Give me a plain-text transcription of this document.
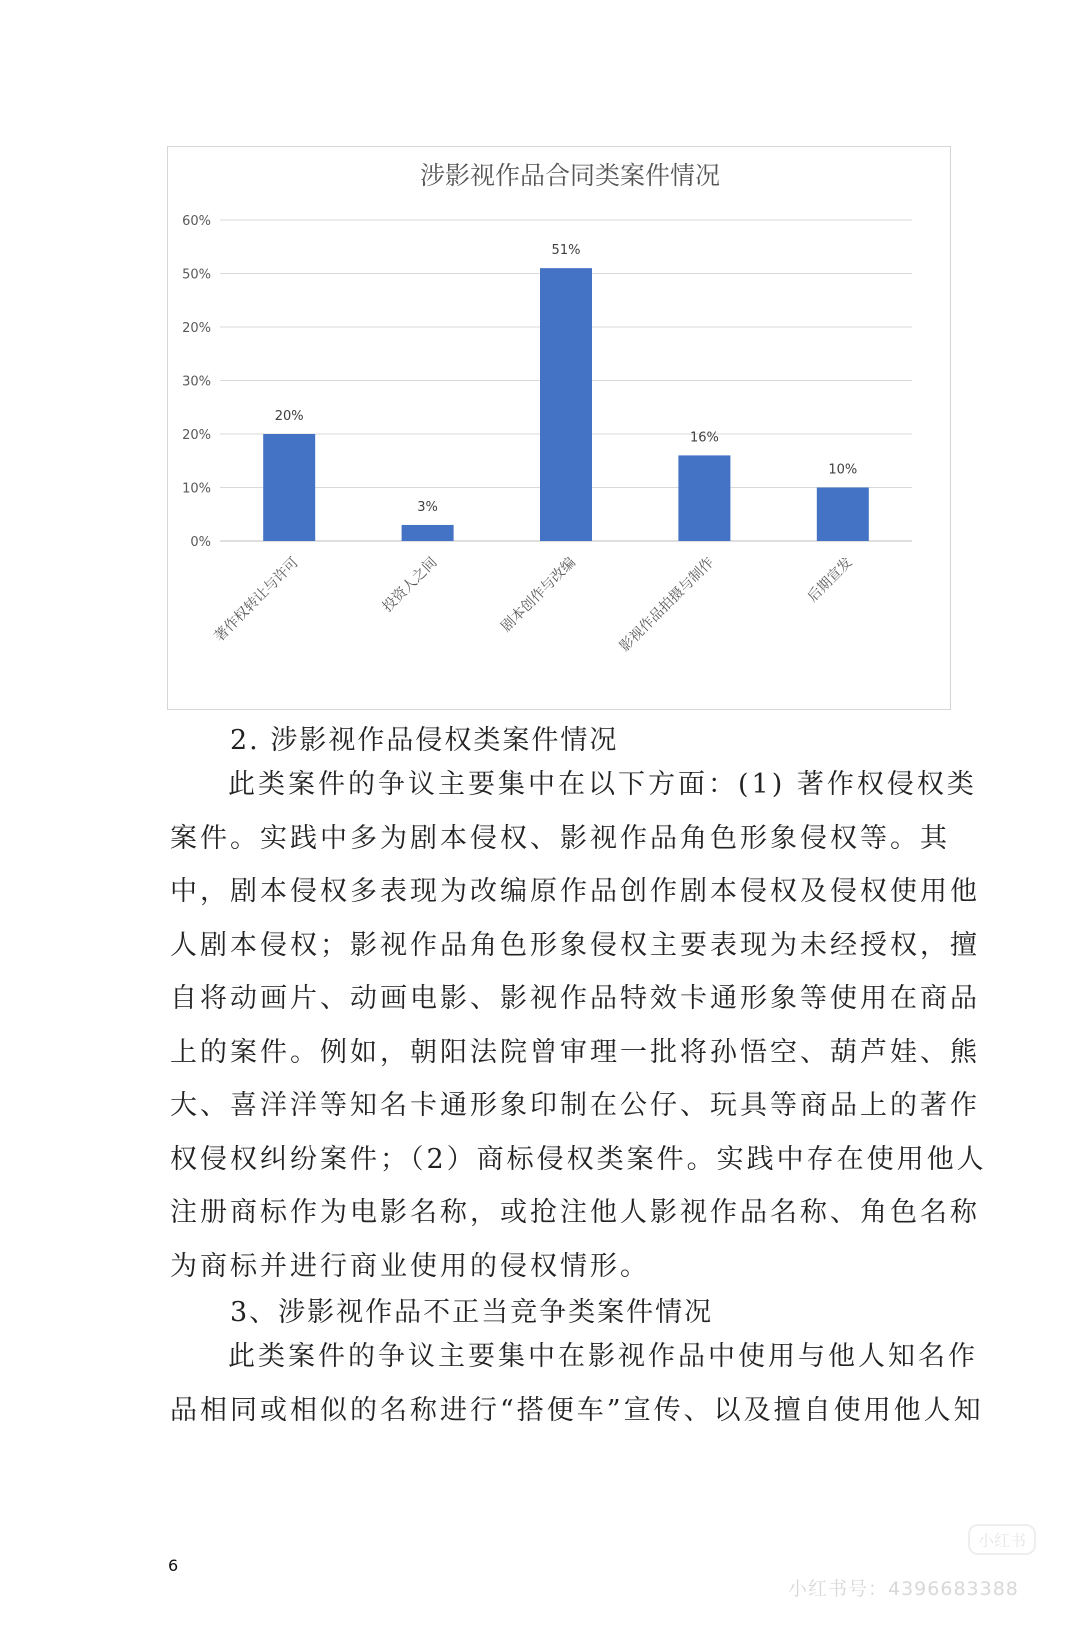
涉影视作品合同类案件情况
0%
10%
20%
30%
20%
50%
60%
20%
著作权转让与许可
3%
投资人之间
51%
剧本创作与改编
16%
影视作品拍摄与制作
10%
后期宣发
2. 涉影视作品侵权类案件情况
此类案件的争议主要集中在以下方面：(1) 著作权侵权类案件。实践中多为剧本侵权、影视作品角色形象侵权等。其中，剧本侵权多表现为改编原作品创作剧本侵权及侵权使用他人剧本侵权；影视作品角色形象侵权主要表现为未经授权，擅自将动画片、动画电影、影视作品特效卡通形象等使用在商品上的案件。例如，朝阳法院曾审理一批将孙悟空、葫芦娃、熊大、喜洋洋等知名卡通形象印制在公仔、玩具等商品上的著作权侵权纠纷案件；（2）商标侵权类案件。实践中存在使用他人注册商标作为电影名称，或抢注他人影视作品名称、角色名称为商标并进行商业使用的侵权情形。
3、涉影视作品不正当竞争类案件情况
此类案件的争议主要集中在影视作品中使用与他人知名作品相同或相似的名称进行“搭便车”宣传、以及擅自使用他人知
6
小红书
小红书号：4396683388
